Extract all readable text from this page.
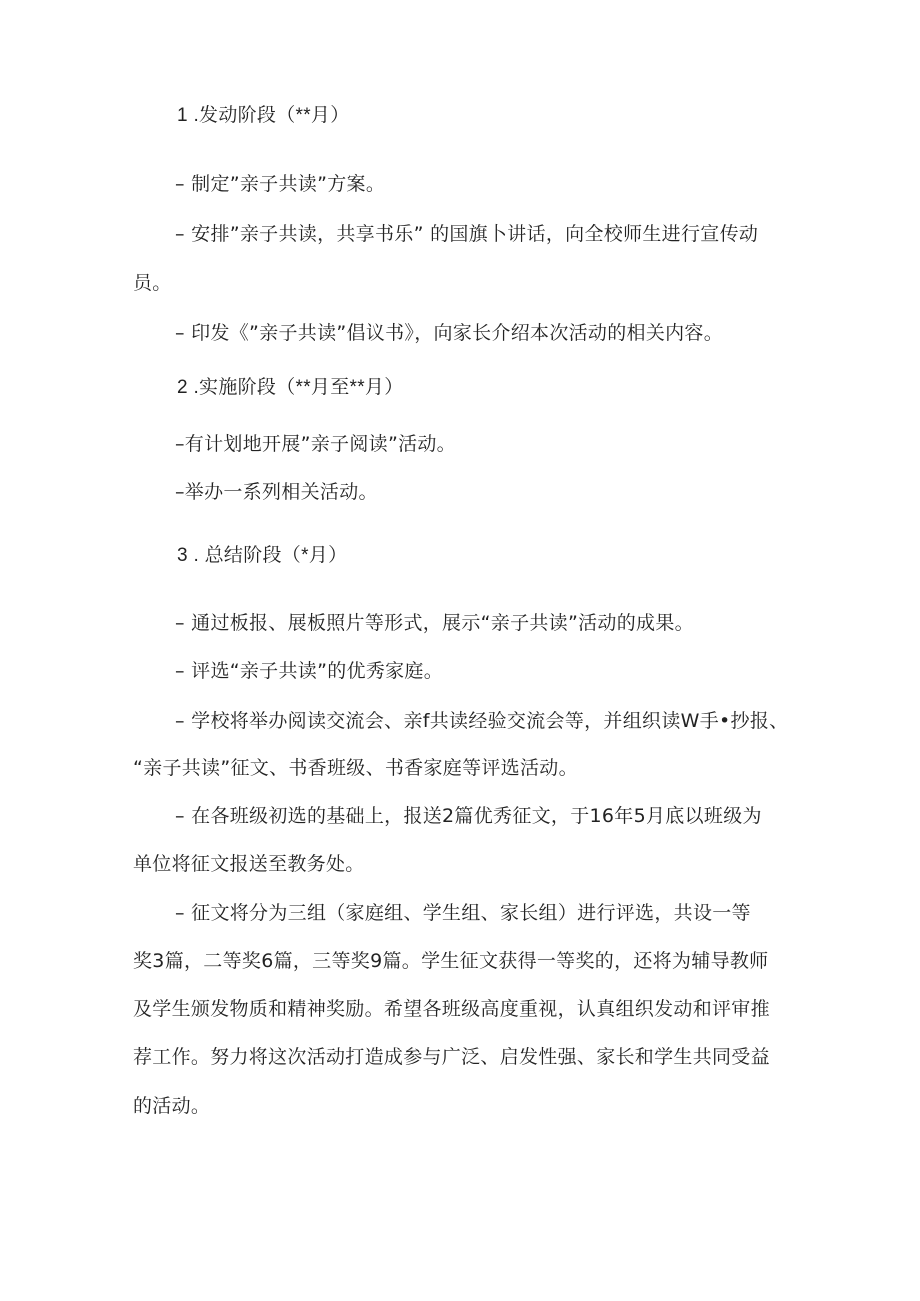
1 .发动阶段（**月）
– 制定”亲子共读”方案。
– 安排”亲子共读，共享书乐” 的国旗卜讲话，向全校师生进行宣传动
员。
– 印发《”亲子共读”倡议书》，向家长介绍本次活动的相关内容。
2 .实施阶段（**月至**月）
–有计划地开展”亲子阅读”活动。
–举办一系列相关活动。
3 . 总结阶段（*月）
– 通过板报、展板照片等形式，展示“亲子共读”活动的成果。
– 评选“亲子共读”的优秀家庭。
– 学校将举办阅读交流会、亲f共读经验交流会等，并组织读W手•抄报、
“亲子共读”征文、书香班级、书香家庭等评选活动。
– 在各班级初选的基础上，报送2篇优秀征文，于16年5月底以班级为
单位将征文报送至教务处。
– 征文将分为三组（家庭组、学生组、家长组）进行评选，共设一等
奖3篇，二等奖6篇，三等奖9篇。学生征文获得一等奖的，还将为辅导教师
及学生颁发物质和精神奖励。希望各班级高度重视，认真组织发动和评审推
荐工作。努力将这次活动打造成参与广泛、启发性强、家长和学生共同受益
的活动。
